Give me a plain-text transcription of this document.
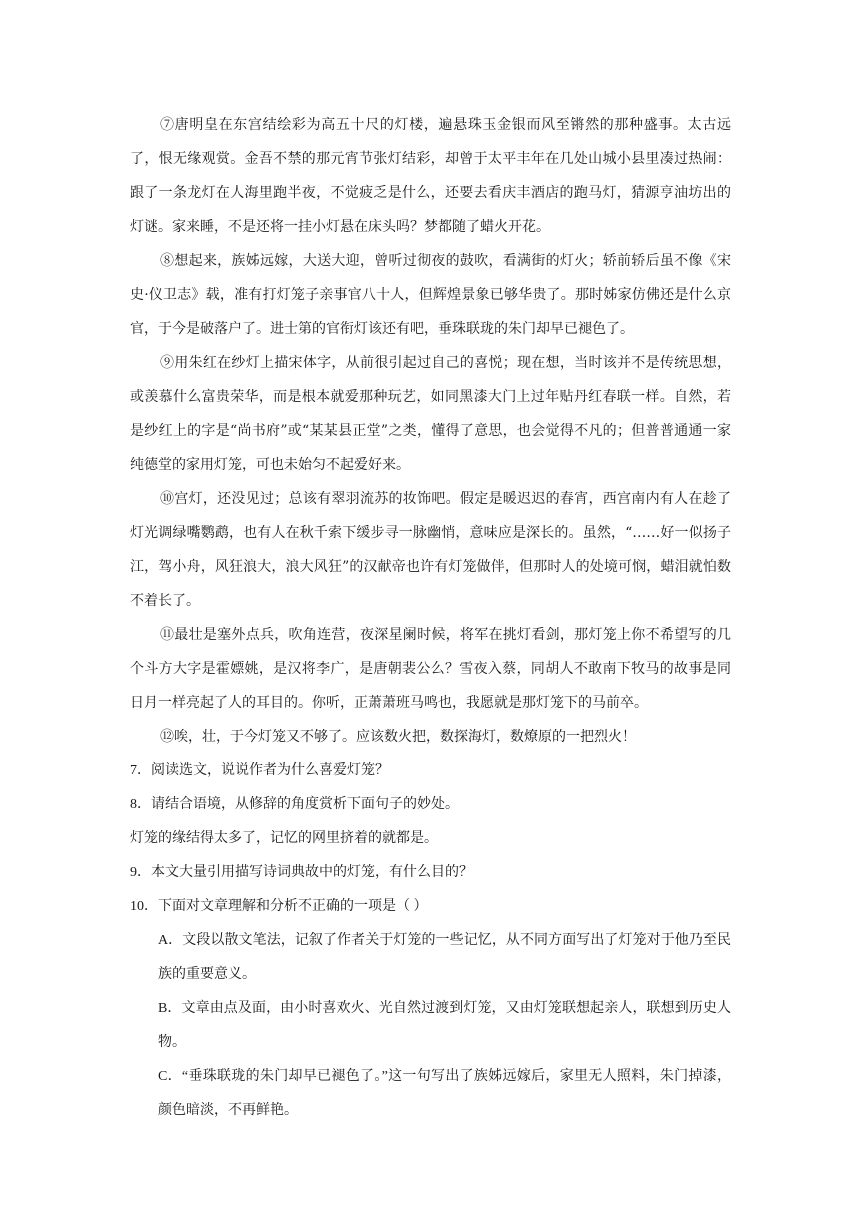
⑦唐明皇在东宫结绘彩为高五十尺的灯楼，遍悬珠玉金银而风至锵然的那种盛事。太古远了，恨无缘观赏。金吾不禁的那元宵节张灯结彩，却曾于太平丰年在几处山城小县里凑过热闹：跟了一条龙灯在人海里跑半夜，不觉疲乏是什么，还要去看庆丰酒店的跑马灯，猜源亨油坊出的灯谜。家来睡，不是还将一挂小灯悬在床头吗？梦都随了蜡火开花。

⑧想起来，族姊远嫁，大送大迎，曾听过彻夜的鼓吹，看满街的灯火；轿前轿后虽不像《宋史·仪卫志》载，准有打灯笼子亲事官八十人，但辉煌景象已够华贵了。那时姊家仿佛还是什么京官，于今是破落户了。进士第的官衔灯该还有吧，垂珠联珑的朱门却早已褪色了。

⑨用朱红在纱灯上描宋体字，从前很引起过自己的喜悦；现在想，当时该并不是传统思想，或羡慕什么富贵荣华，而是根本就爱那种玩艺，如同黑漆大门上过年贴丹红春联一样。自然，若是纱红上的字是“尚书府”或“某某县正堂”之类，懂得了意思，也会觉得不凡的；但普普通通一家纯德堂的家用灯笼，可也未始匀不起爱好来。

⑩宫灯，还没见过；总该有翠羽流苏的妆饰吧。假定是暖迟迟的春宵，西宫南内有人在趁了灯光调绿嘴鹦鹉，也有人在秋千索下缓步寻一脉幽悄，意味应是深长的。虽然，“……好一似扬子江，驾小舟，风狂浪大，浪大风狂”的汉献帝也许有灯笼做伴，但那时人的处境可悯，蜡泪就怕数不着长了。

⑪最壮是塞外点兵，吹角连营，夜深星阑时候，将军在挑灯看剑，那灯笼上你不希望写的几个斗方大字是霍嫖姚，是汉将李广，是唐朝裴公么？雪夜入蔡，同胡人不敢南下牧马的故事是同日月一样亮起了人的耳目的。你听，正萧萧班马鸣也，我愿就是那灯笼下的马前卒。

⑫唉，壮，于今灯笼又不够了。应该数火把，数探海灯，数燎原的一把烈火！

7．阅读选文，说说作者为什么喜爱灯笼？

8．请结合语境，从修辞的角度赏析下面句子的妙处。

灯笼的缘结得太多了，记忆的网里挤着的就都是。

9．本文大量引用描写诗词典故中的灯笼，有什么目的？

10．下面对文章理解和分析不正确的一项是（ ）

A．文段以散文笔法，记叙了作者关于灯笼的一些记忆，从不同方面写出了灯笼对于他乃至民族的重要意义。

B．文章由点及面，由小时喜欢火、光自然过渡到灯笼，又由灯笼联想起亲人，联想到历史人物。

C．“垂珠联珑的朱门却早已褪色了。”这一句写出了族姊远嫁后，家里无人照料，朱门掉漆，颜色暗淡，不再鲜艳。
